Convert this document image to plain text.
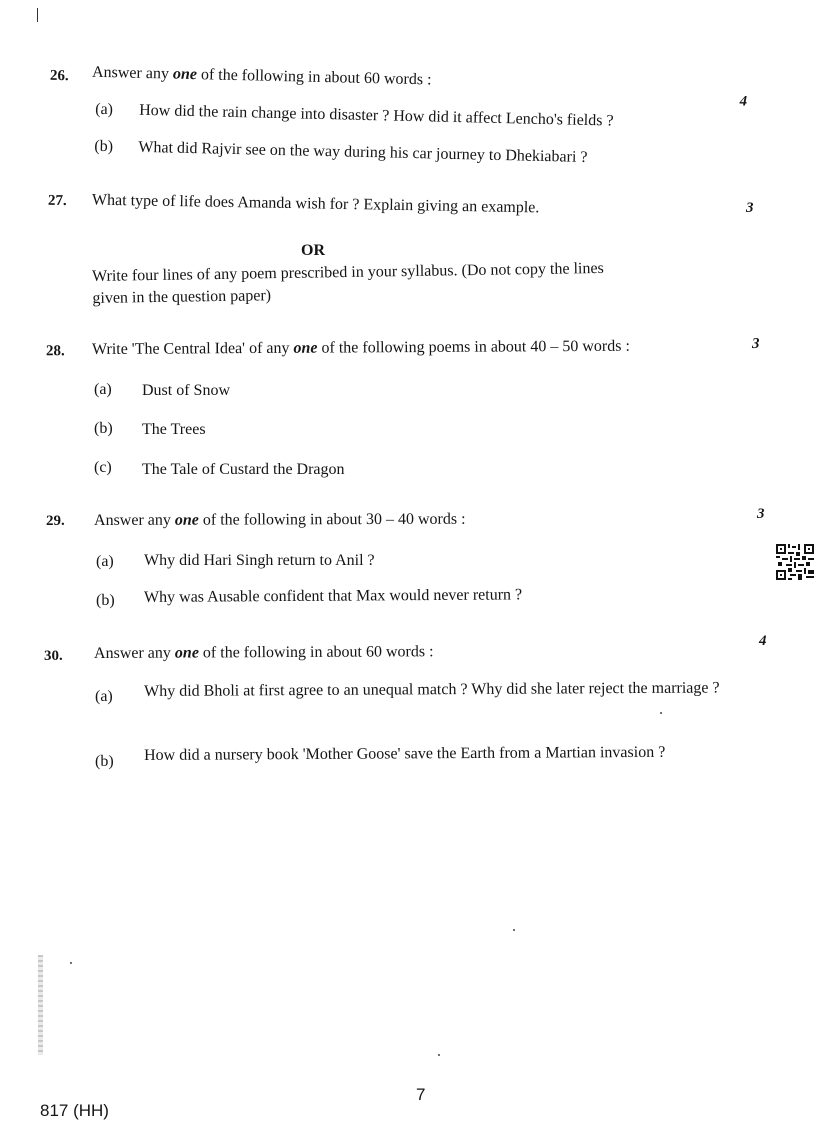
26. Answer any one of the following in about 60 words :
4
(a) How did the rain change into disaster ? How did it affect Lencho's fields ?
(b) What did Rajvir see on the way during his car journey to Dhekiabari ?
27. What type of life does Amanda wish for ? Explain giving an example.	3
OR
Write four lines of any poem prescribed in your syllabus. (Do not copy the lines
given in the question paper)
28. Write 'The Central Idea' of any one of the following poems in about 40 – 50 words :	3
(a) Dust of Snow
(b) The Trees
(c) The Tale of Custard the Dragon
29. Answer any one of the following in about 30 – 40 words :	3
(a) Why did Hari Singh return to Anil ?
(b) Why was Ausable confident that Max would never return ?
30. Answer any one of the following in about 60 words :
4
(a) Why did Bholi at first agree to an unequal match ? Why did she later reject the marriage ?
(b) How did a nursery book 'Mother Goose' save the Earth from a Martian invasion ?
7
817 (HH)
